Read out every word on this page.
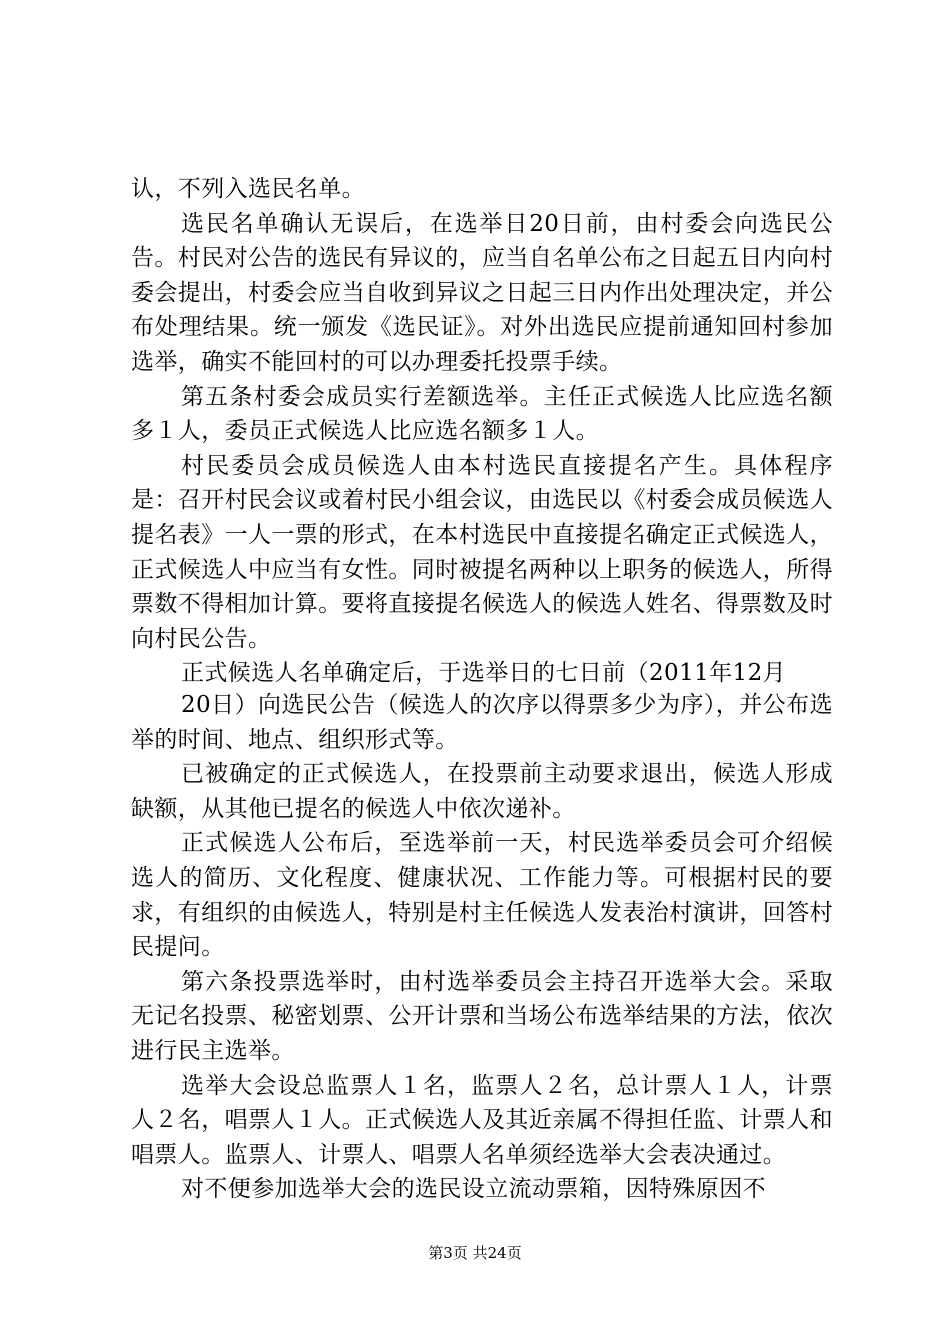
认，不列入选民名单。

选民名单确认无误后，在选举日20日前，由村委会向选民公告。村民对公告的选民有异议的，应当自名单公布之日起五日内向村委会提出，村委会应当自收到异议之日起三日内作出处理决定，并公布处理结果。统一颁发《选民证》。对外出选民应提前通知回村参加选举，确实不能回村的可以办理委托投票手续。

第五条村委会成员实行差额选举。主任正式候选人比应选名额多１人，委员正式候选人比应选名额多１人。

村民委员会成员候选人由本村选民直接提名产生。具体程序是：召开村民会议或着村民小组会议，由选民以《村委会成员候选人提名表》一人一票的形式，在本村选民中直接提名确定正式候选人，正式候选人中应当有女性。同时被提名两种以上职务的候选人，所得票数不得相加计算。要将直接提名候选人的候选人姓名、得票数及时向村民公告。

正式候选人名单确定后，于选举日的七日前（2011年12月

20日）向选民公告（候选人的次序以得票多少为序），并公布选举的时间、地点、组织形式等。

已被确定的正式候选人，在投票前主动要求退出，候选人形成缺额，从其他已提名的候选人中依次递补。

正式候选人公布后，至选举前一天，村民选举委员会可介绍候选人的简历、文化程度、健康状况、工作能力等。可根据村民的要求，有组织的由候选人，特别是村主任候选人发表治村演讲，回答村民提问。

第六条投票选举时，由村选举委员会主持召开选举大会。采取无记名投票、秘密划票、公开计票和当场公布选举结果的方法，依次进行民主选举。

选举大会设总监票人１名，监票人２名，总计票人１人，计票人２名，唱票人１人。正式候选人及其近亲属不得担任监、计票人和唱票人。监票人、计票人、唱票人名单须经选举大会表决通过。

对不便参加选举大会的选民设立流动票箱，因特殊原因不

第3页 共24页
